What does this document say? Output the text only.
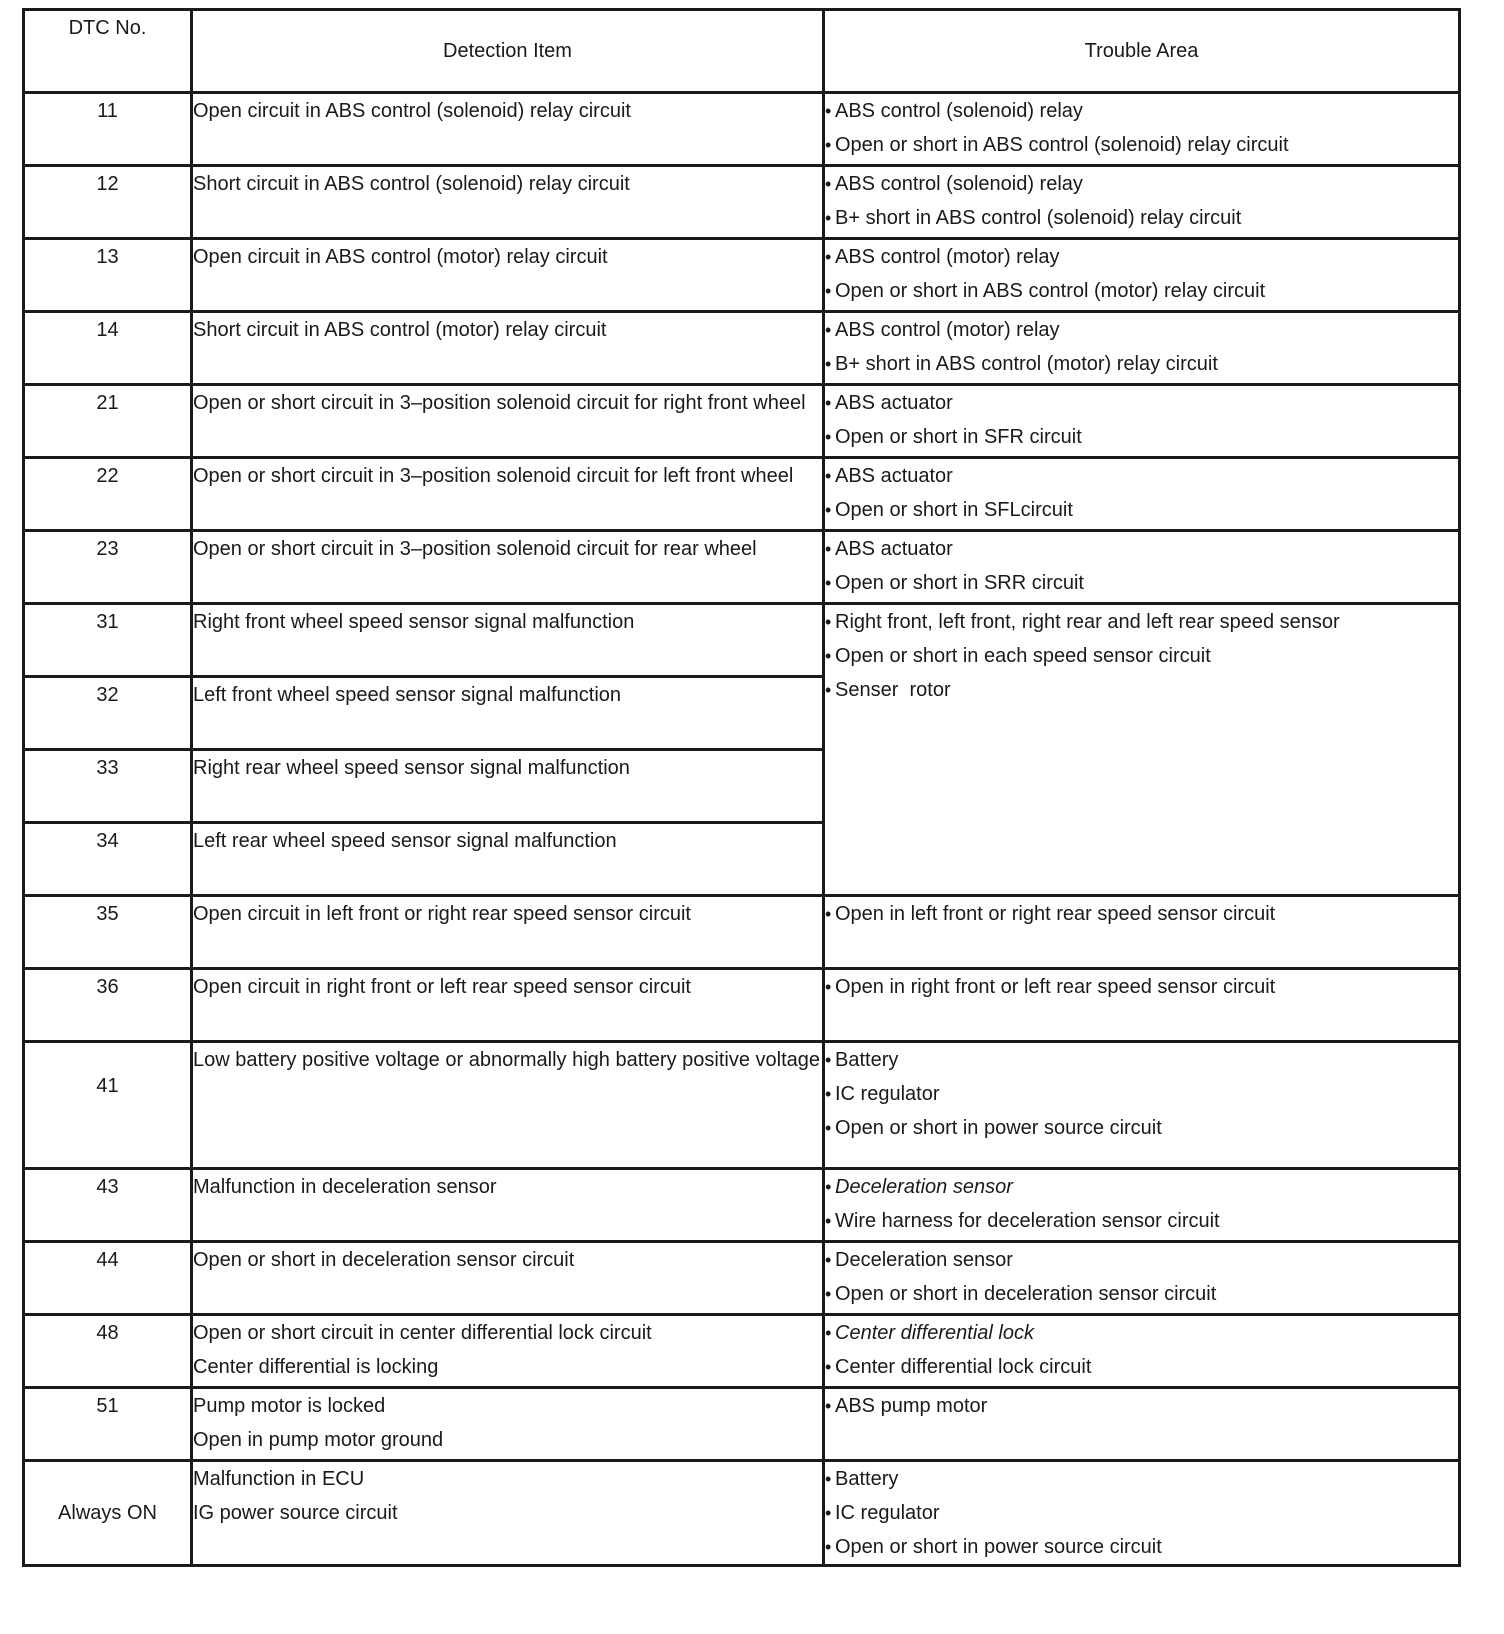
DTC No.	Detection Item	Trouble Area
11	Open circuit in ABS control (solenoid) relay circuit	• ABS control (solenoid) relay
• Open or short in ABS control (solenoid) relay circuit

12	Short circuit in ABS control (solenoid) relay circuit	• ABS control (solenoid) relay
• B+ short in ABS control (solenoid) relay circuit

13	Open circuit in ABS control (motor) relay circuit	• ABS control (motor) relay
• Open or short in ABS control (motor) relay circuit

14	Short circuit in ABS control (motor) relay circuit	• ABS control (motor) relay
• B+ short in ABS control (motor) relay circuit

21	Open or short circuit in 3–position solenoid circuit for right front wheel	• ABS actuator
• Open or short in SFR circuit

22	Open or short circuit in 3–position solenoid circuit for left front wheel	• ABS actuator
• Open or short in SFLcircuit

23	Open or short circuit in 3–position solenoid circuit for rear wheel	• ABS actuator
• Open or short in SRR circuit

31	Right front wheel speed sensor signal malfunction	• Right front, left front, right rear and left rear speed sensor
• Open or short in each speed sensor circuit
• Senser  rotor

32	Left front wheel speed sensor signal malfunction	

33	Right rear wheel speed sensor signal malfunction	

34	Left rear wheel speed sensor signal malfunction	

35	Open circuit in left front or right rear speed sensor circuit	• Open in left front or right rear speed sensor circuit

36	Open circuit in right front or left rear speed sensor circuit	• Open in right front or left rear speed sensor circuit

41	Low battery positive voltage or abnormally high battery positive voltage	• Battery
• IC regulator
• Open or short in power source circuit

43	Malfunction in deceleration sensor	• Deceleration sensor
• Wire harness for deceleration sensor circuit

44	Open or short in deceleration sensor circuit	• Deceleration sensor
• Open or short in deceleration sensor circuit

48	Open or short circuit in center differential lock circuit
Center differential is locking	• Center differential lock
• Center differential lock circuit

51	Pump motor is locked
Open in pump motor ground	• ABS pump motor

Always ON	Malfunction in ECU
IG power source circuit	• Battery
• IC regulator
• Open or short in power source circuit
